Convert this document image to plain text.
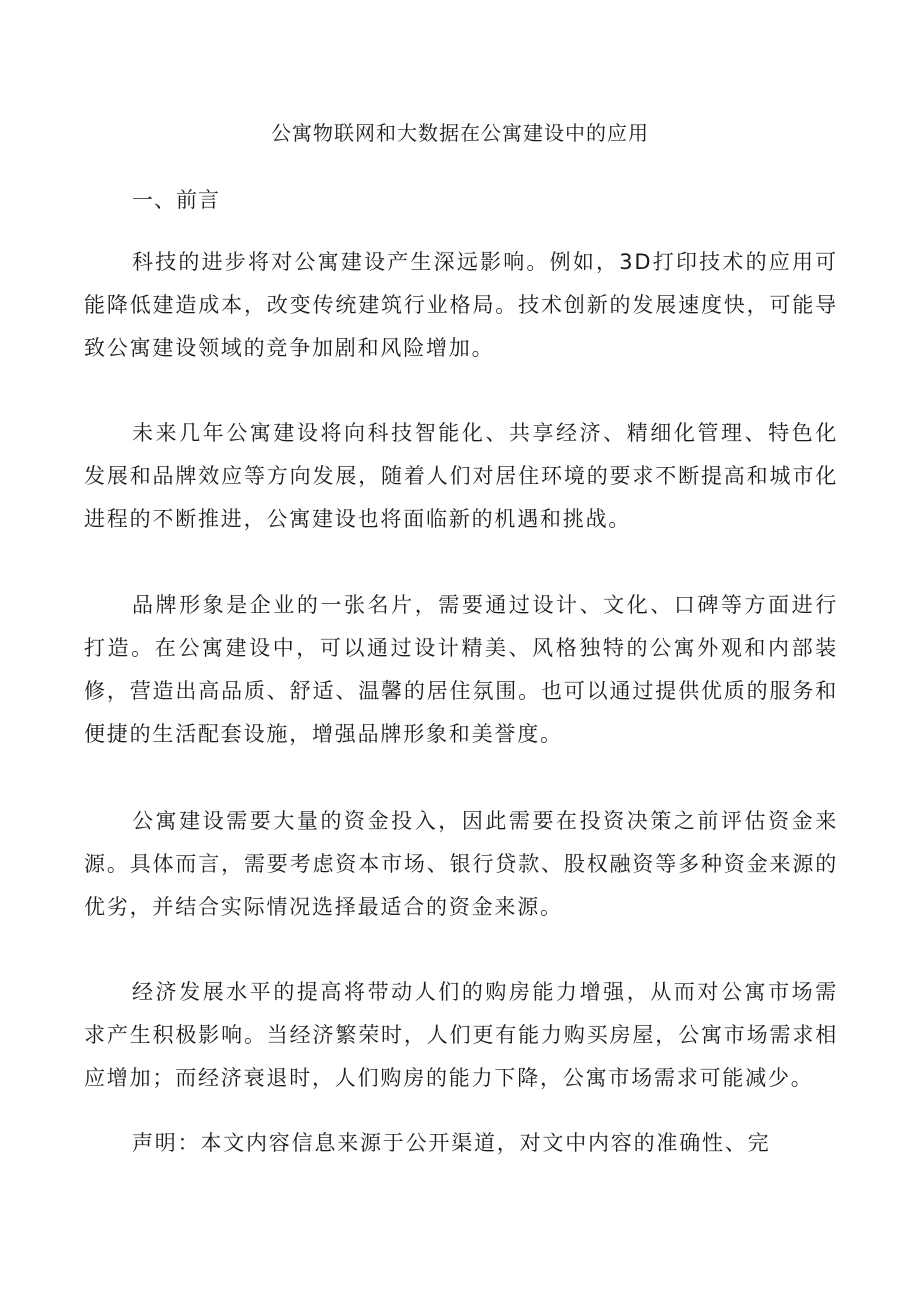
公寓物联网和大数据在公寓建设中的应用
一、前言

科技的进步将对公寓建设产生深远影响。例如，3D打印技术的应用可能降低建造成本，改变传统建筑行业格局。技术创新的发展速度快，可能导致公寓建设领域的竞争加剧和风险增加。

未来几年公寓建设将向科技智能化、共享经济、精细化管理、特色化发展和品牌效应等方向发展，随着人们对居住环境的要求不断提高和城市化进程的不断推进，公寓建设也将面临新的机遇和挑战。

品牌形象是企业的一张名片，需要通过设计、文化、口碑等方面进行打造。在公寓建设中，可以通过设计精美、风格独特的公寓外观和内部装修，营造出高品质、舒适、温馨的居住氛围。也可以通过提供优质的服务和便捷的生活配套设施，增强品牌形象和美誉度。

公寓建设需要大量的资金投入，因此需要在投资决策之前评估资金来源。具体而言，需要考虑资本市场、银行贷款、股权融资等多种资金来源的优劣，并结合实际情况选择最适合的资金来源。

经济发展水平的提高将带动人们的购房能力增强，从而对公寓市场需求产生积极影响。当经济繁荣时，人们更有能力购买房屋，公寓市场需求相应增加；而经济衰退时，人们购房的能力下降，公寓市场需求可能减少。

声明：本文内容信息来源于公开渠道，对文中内容的准确性、完
